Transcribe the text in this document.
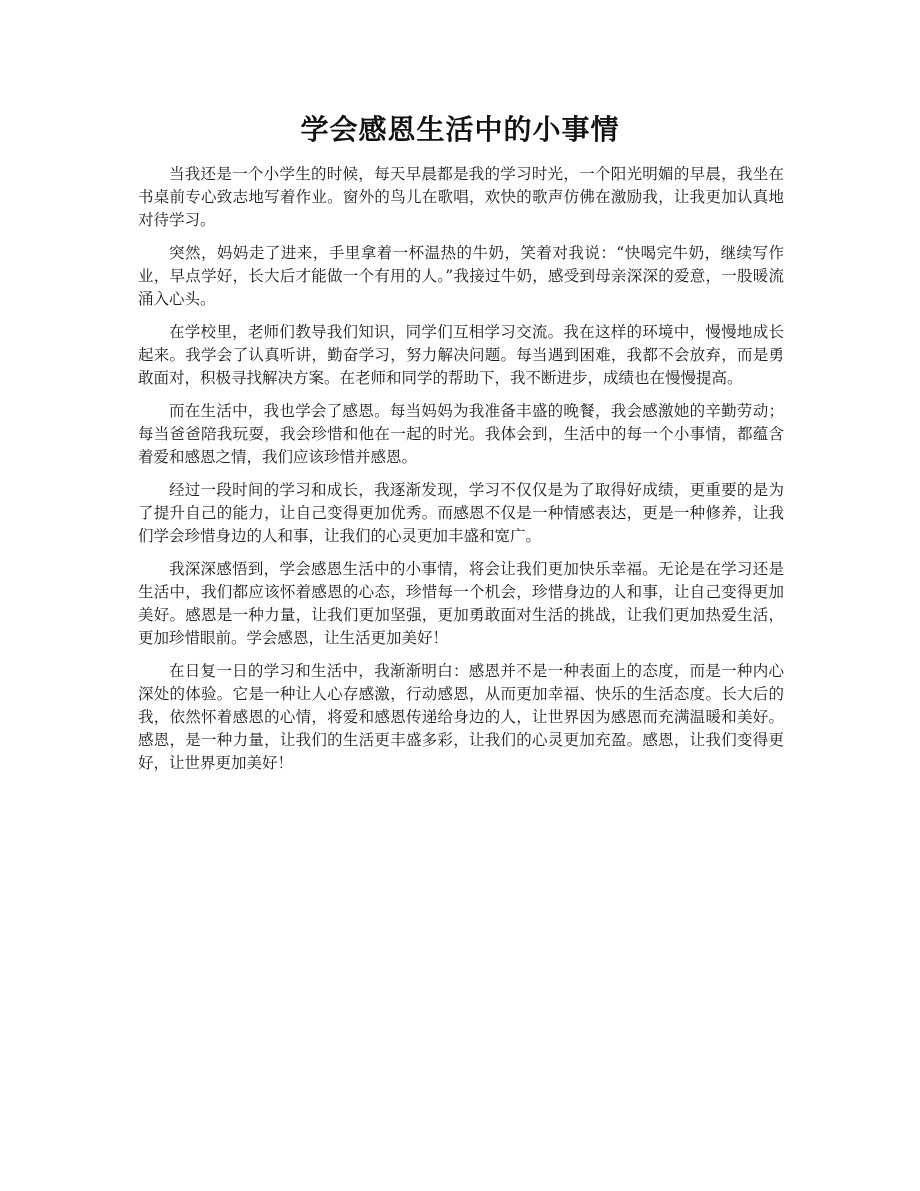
学会感恩生活中的小事情

当我还是一个小学生的时候，每天早晨都是我的学习时光，一个阳光明媚的早晨，我坐在书桌前专心致志地写着作业。窗外的鸟儿在歌唱，欢快的歌声仿佛在激励我，让我更加认真地对待学习。

突然，妈妈走了进来，手里拿着一杯温热的牛奶，笑着对我说：“快喝完牛奶，继续写作业，早点学好，长大后才能做一个有用的人。”我接过牛奶，感受到母亲深深的爱意，一股暖流涌入心头。

在学校里，老师们教导我们知识，同学们互相学习交流。我在这样的环境中，慢慢地成长起来。我学会了认真听讲，勤奋学习，努力解决问题。每当遇到困难，我都不会放弃，而是勇敢面对，积极寻找解决方案。在老师和同学的帮助下，我不断进步，成绩也在慢慢提高。

而在生活中，我也学会了感恩。每当妈妈为我准备丰盛的晚餐，我会感激她的辛勤劳动；每当爸爸陪我玩耍，我会珍惜和他在一起的时光。我体会到，生活中的每一个小事情，都蕴含着爱和感恩之情，我们应该珍惜并感恩。

经过一段时间的学习和成长，我逐渐发现，学习不仅仅是为了取得好成绩，更重要的是为了提升自己的能力，让自己变得更加优秀。而感恩不仅是一种情感表达，更是一种修养，让我们学会珍惜身边的人和事，让我们的心灵更加丰盛和宽广。

我深深感悟到，学会感恩生活中的小事情，将会让我们更加快乐幸福。无论是在学习还是生活中，我们都应该怀着感恩的心态，珍惜每一个机会，珍惜身边的人和事，让自己变得更加美好。感恩是一种力量，让我们更加坚强，更加勇敢面对生活的挑战，让我们更加热爱生活，更加珍惜眼前。学会感恩，让生活更加美好！

在日复一日的学习和生活中，我渐渐明白：感恩并不是一种表面上的态度，而是一种内心深处的体验。它是一种让人心存感激，行动感恩，从而更加幸福、快乐的生活态度。长大后的我，依然怀着感恩的心情，将爱和感恩传递给身边的人，让世界因为感恩而充满温暖和美好。感恩，是一种力量，让我们的生活更丰盛多彩，让我们的心灵更加充盈。感恩，让我们变得更好，让世界更加美好！
